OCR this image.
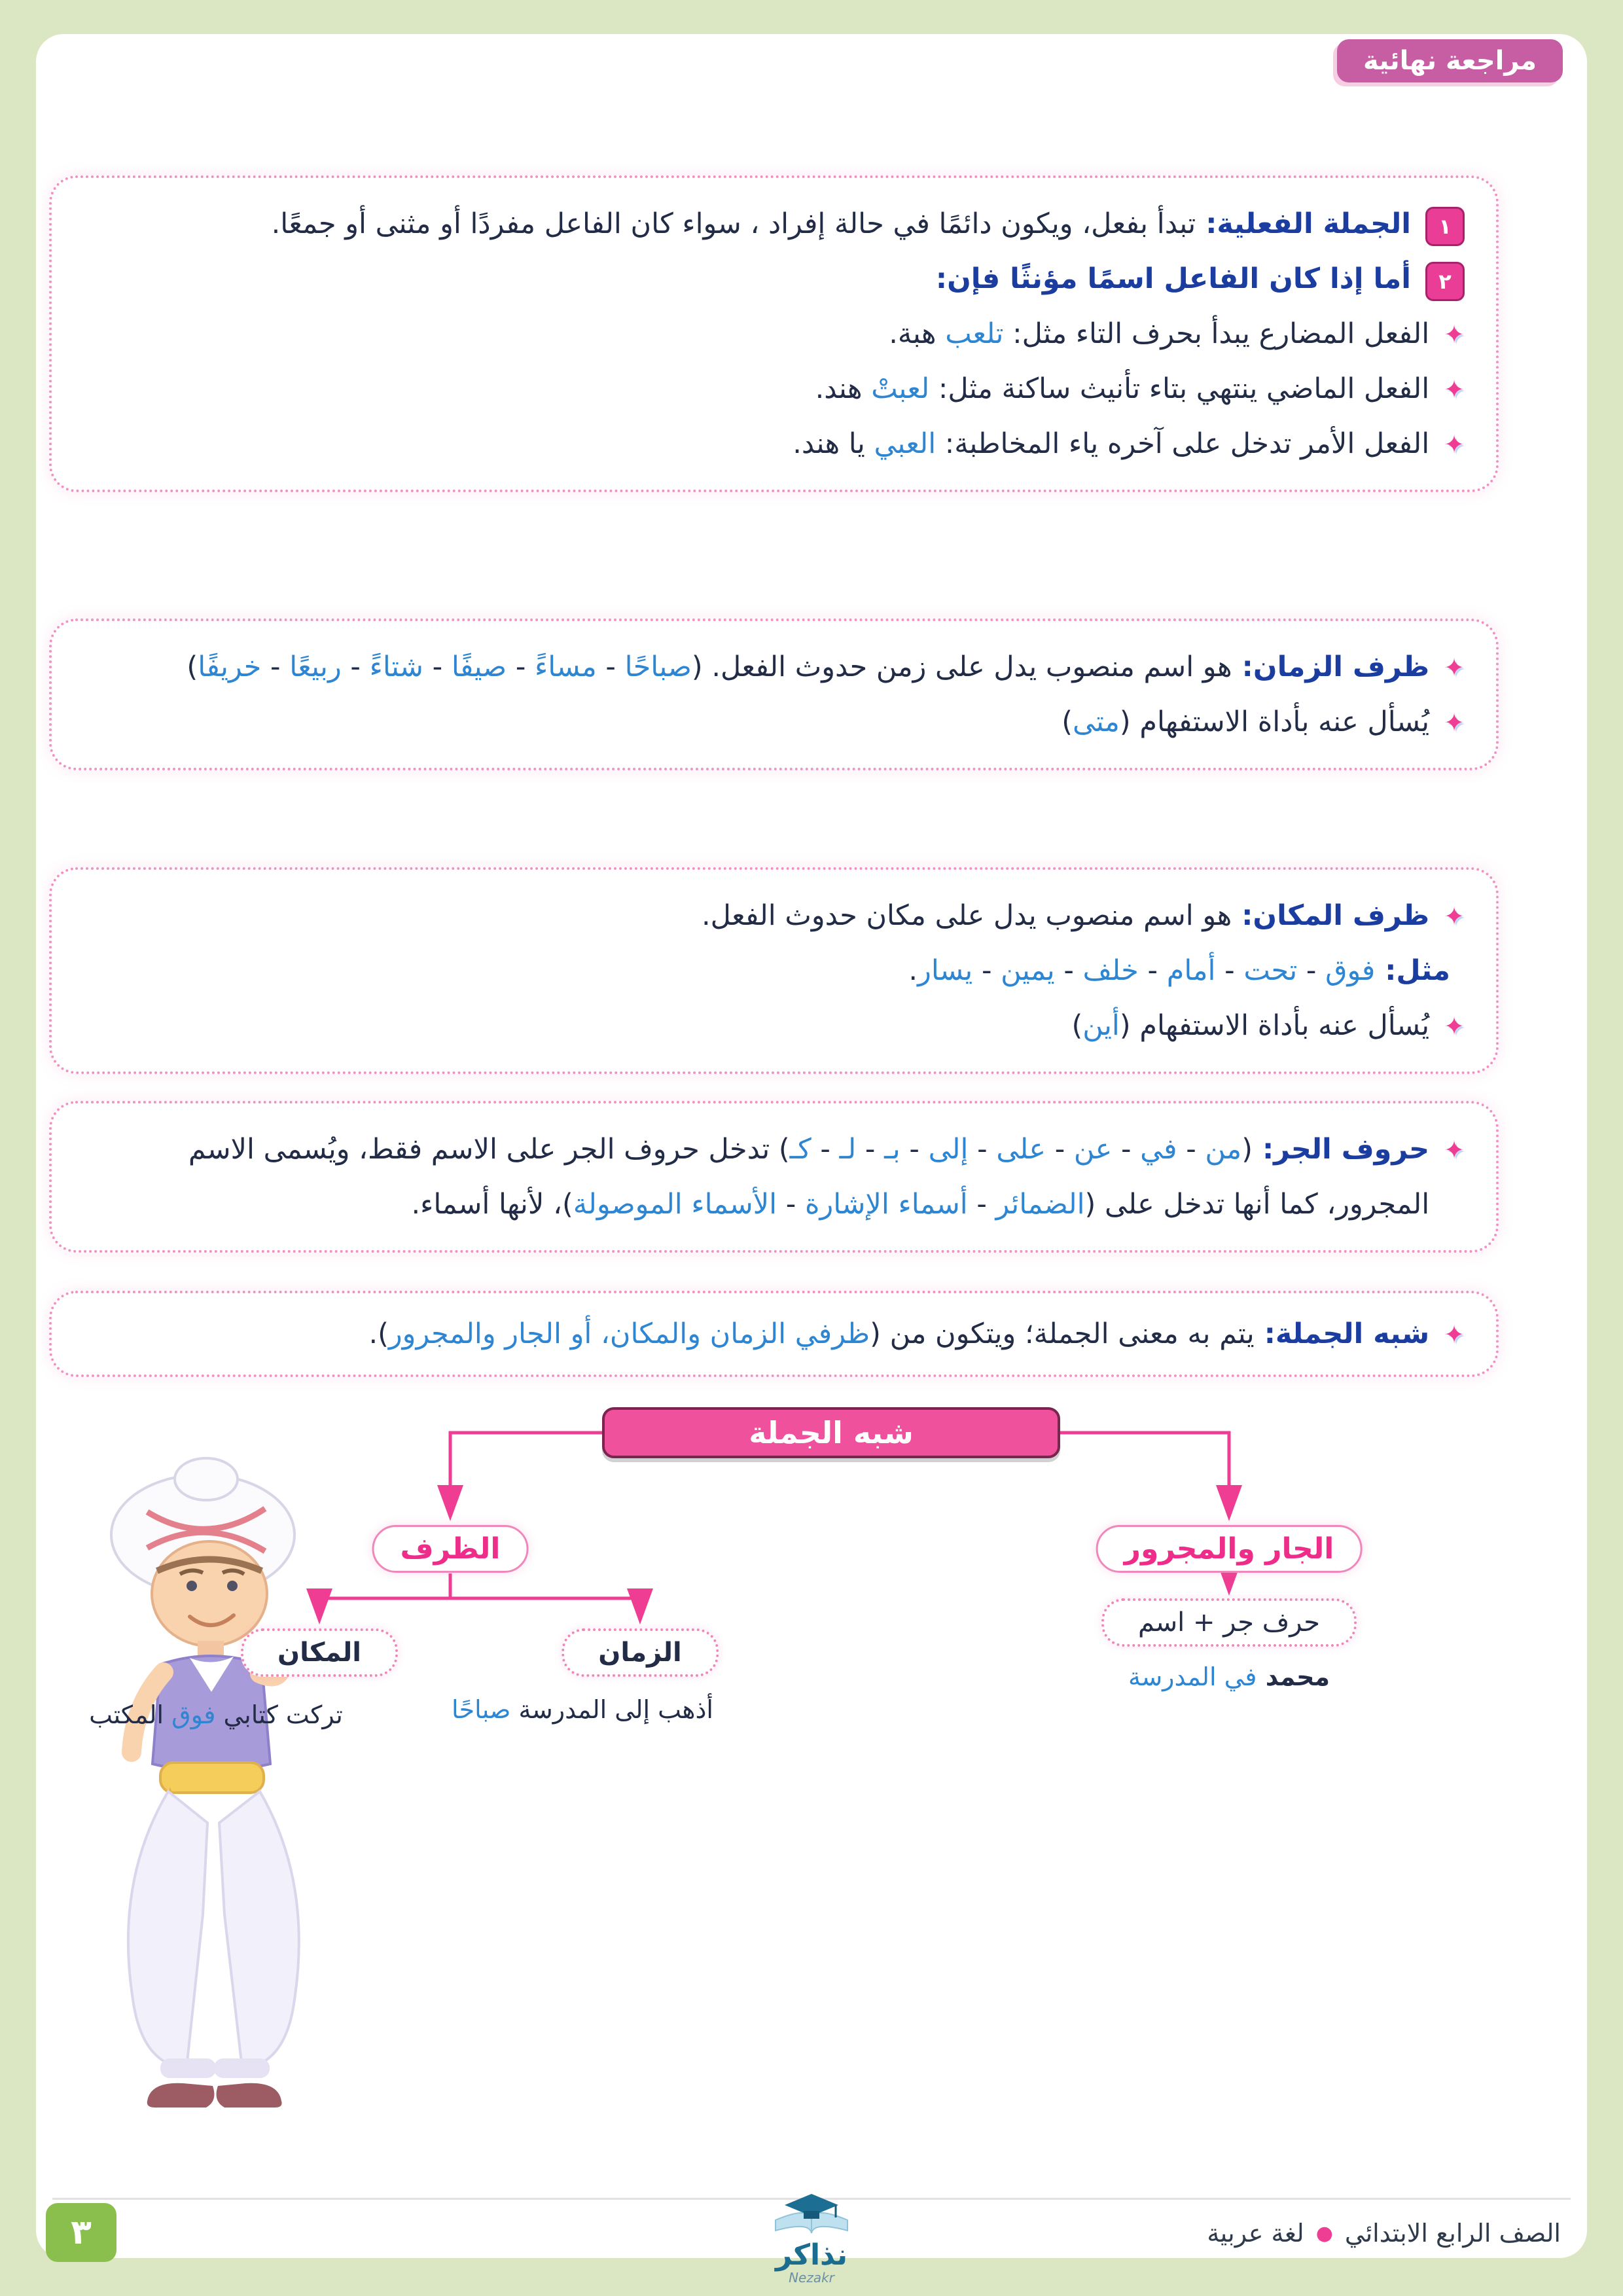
مراجعة نهائية
١

الجملة الفعلية: تبدأ بفعل، ويكون دائمًا في حالة إفراد ، سواء كان الفاعل مفردًا أو مثنى أو جمعًا.

٢

أما إذا كان الفاعل اسمًا مؤنثًا فإن:

✦

الفعل المضارع يبدأ بحرف التاء مثل: تلعب هبة.

✦

الفعل الماضي ينتهي بتاء تأنيث ساكنة مثل: لعبتْ هند.

✦

الفعل الأمر تدخل على آخره ياء المخاطبة: العبي يا هند.

✦

ظرف الزمان: هو اسم منصوب يدل على زمن حدوث الفعل. (صباحًا - مساءً - صيفًا - شتاءً - ربيعًا - خريفًا)

✦

يُسأل عنه بأداة الاستفهام (متى)

✦

ظرف المكان: هو اسم منصوب يدل على مكان حدوث الفعل.

مثل: فوق - تحت - أمام - خلف - يمين - يسار.

✦

يُسأل عنه بأداة الاستفهام (أين)

✦

حروف الجر: (من - في - عن - على - إلى - بـ - لـ - كـ) تدخل حروف الجر على الاسم فقط، ويُسمى الاسم المجرور، كما أنها تدخل على (الضمائر - أسماء الإشارة - الأسماء الموصولة)، لأنها أسماء.

✦

شبه الجملة: يتم به معنى الجملة؛ ويتكون من (ظرفي الزمان والمكان، أو الجار والمجرور).

شبه الجملة
الظرف	الجار والمجرور
المكان	الزمان
حرف جر + اسم
تركت كتابي فوق المكتب	أذهب إلى المدرسة صباحًا
محمد في المدرسة
٣	الصف الرابع الابتدائي
●
لغة عربية
نذاكر
Nezakr
